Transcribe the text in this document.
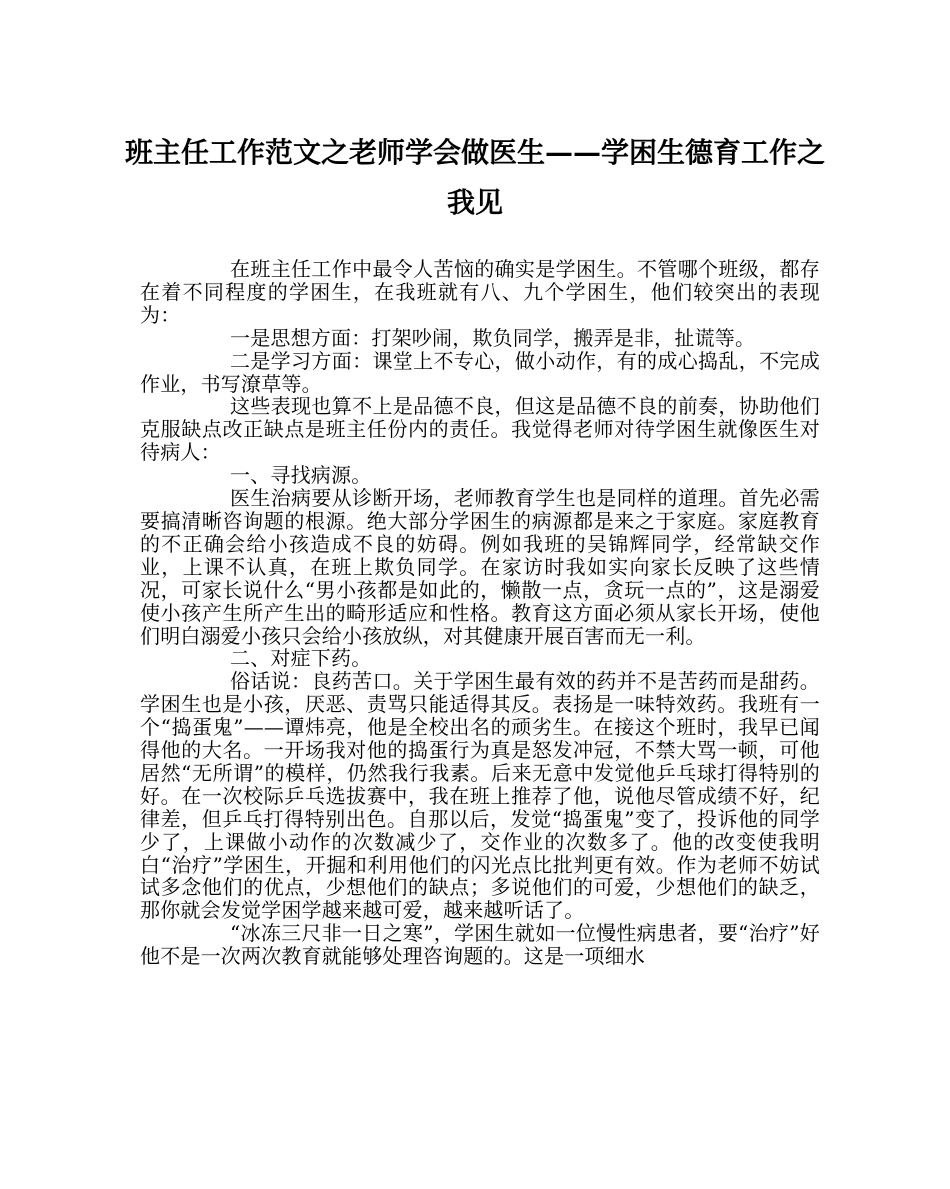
班主任工作范文之老师学会做医生——学困生德育工作之我见

在班主任工作中最令人苦恼的确实是学困生。不管哪个班级，都存在着不同程度的学困生，在我班就有八、九个学困生，他们较突出的表现为：

一是思想方面：打架吵闹，欺负同学，搬弄是非，扯谎等。

二是学习方面：课堂上不专心，做小动作，有的成心捣乱，不完成作业，书写潦草等。

这些表现也算不上是品德不良，但这是品德不良的前奏，协助他们克服缺点改正缺点是班主任份内的责任。我觉得老师对待学困生就像医生对待病人：

一、寻找病源。

医生治病要从诊断开场，老师教育学生也是同样的道理。首先必需要搞清晰咨询题的根源。绝大部分学困生的病源都是来之于家庭。家庭教育的不正确会给小孩造成不良的妨碍。例如我班的吴锦辉同学，经常缺交作业，上课不认真，在班上欺负同学。在家访时我如实向家长反映了这些情况，可家长说什么“男小孩都是如此的，懒散一点，贪玩一点的”，这是溺爱使小孩产生所产生出的畸形适应和性格。教育这方面必须从家长开场，使他们明白溺爱小孩只会给小孩放纵，对其健康开展百害而无一利。

二、对症下药。

俗话说：良药苦口。关于学困生最有效的药并不是苦药而是甜药。学困生也是小孩，厌恶、责骂只能适得其反。表扬是一味特效药。我班有一个“捣蛋鬼”——谭炜亮，他是全校出名的顽劣生。在接这个班时，我早已闻得他的大名。一开场我对他的捣蛋行为真是怒发冲冠，不禁大骂一顿，可他居然“无所谓”的模样，仍然我行我素。后来无意中发觉他乒乓球打得特别的好。在一次校际乒乓选拔赛中，我在班上推荐了他，说他尽管成绩不好，纪律差，但乒乓打得特别出色。自那以后，发觉“捣蛋鬼”变了，投诉他的同学少了，上课做小动作的次数减少了，交作业的次数多了。他的改变使我明白“治疗”学困生，开掘和利用他们的闪光点比批判更有效。作为老师不妨试试多念他们的优点，少想他们的缺点；多说他们的可爱，少想他们的缺乏，那你就会发觉学困学越来越可爱，越来越听话了。

“冰冻三尺非一日之寒”，学困生就如一位慢性病患者，要“治疗”好他不是一次两次教育就能够处理咨询题的。这是一项细水
